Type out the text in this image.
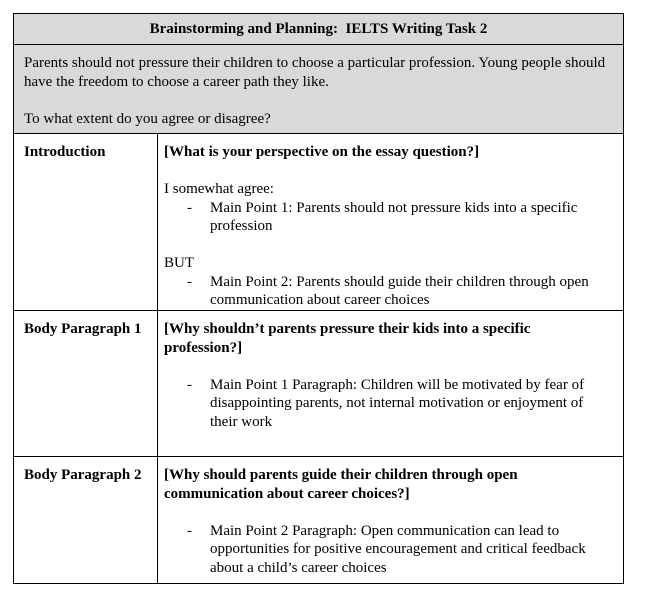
Brainstorming and Planning:  IELTS Writing Task 2

Parents should not pressure their children to choose a particular profession. Young people should have the freedom to choose a career path they like.

To what extent do you agree or disagree?

Introduction	[What is your perspective on the essay question?]

I somewhat agree:

- Main Point 1: Parents should not pressure kids into a specific profession

BUT

- Main Point 2: Parents should guide their children through open communication about career choices
Body Paragraph 1 [Why shouldn’t parents pressure their kids into a specific profession?]

- Main Point 1 Paragraph: Children will be motivated by fear of disappointing parents, not internal motivation or enjoyment of their work
Body Paragraph 2 [Why should parents guide their children through open communication about career choices?]

- Main Point 2 Paragraph: Open communication can lead to opportunities for positive encouragement and critical feedback about a child’s career choices
